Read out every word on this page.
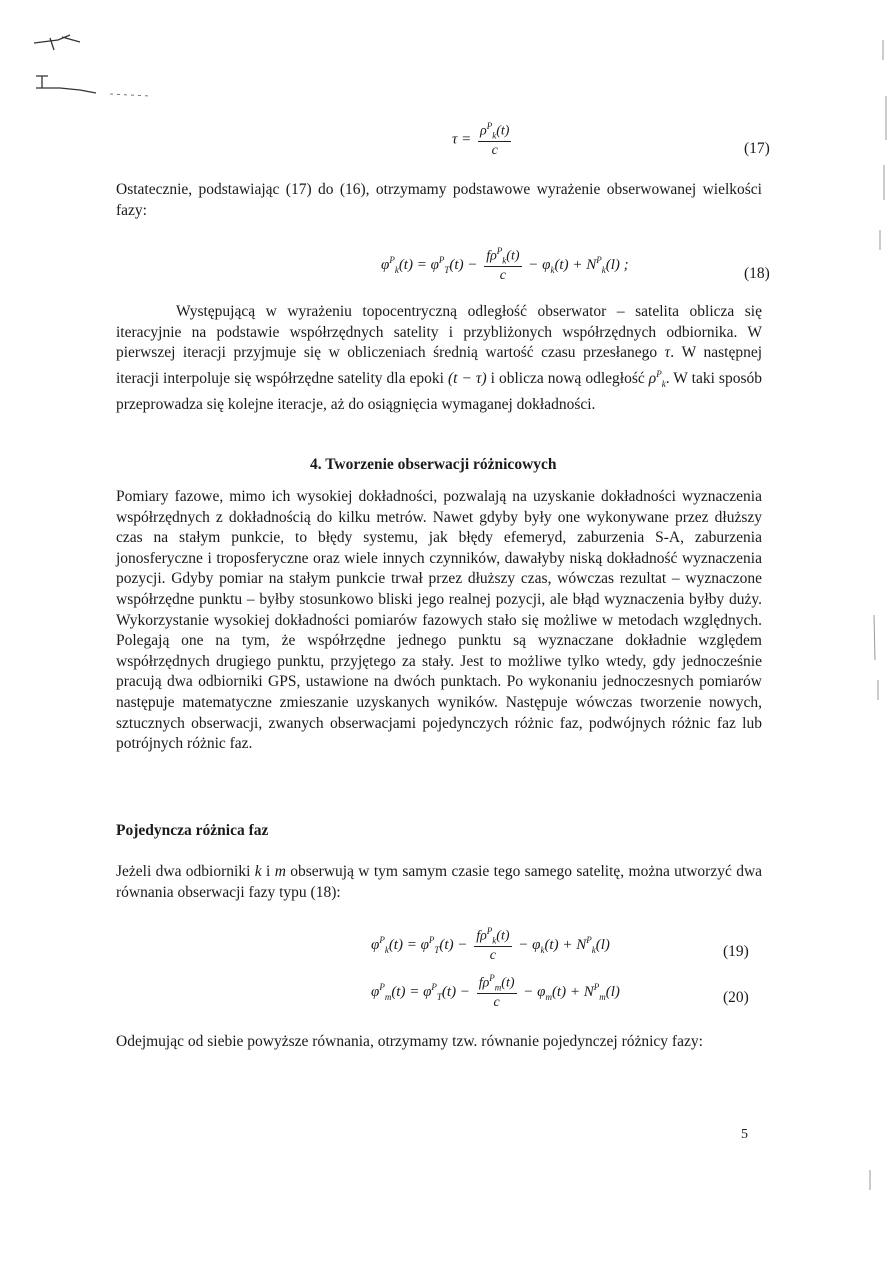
$\tau = \frac{\rho^P_k(t)}{c}$	(17)

Ostatecznie, podstawiając (17) do (16), otrzymamy podstawowe wyrażenie obserwowanej wielkości fazy:

$\varphi^P_k(t) = \varphi^P_T(t) - \frac{f\rho^P_k(t)}{c} - \varphi_k(t) + N^P_k(l)$ ;
(18)

Występującą w wyrażeniu topocentryczną odległość obserwator – satelita oblicza się iteracyjnie na podstawie współrzędnych satelity i przybliżonych współrzędnych odbiornika. W pierwszej iteracji przyjmuje się w obliczeniach średnią wartość czasu przesłanego τ. W następnej iteracji interpoluje się współrzędne satelity dla epoki (t − τ) i oblicza nową odległość $\rho^P_k$. W taki sposób przeprowadza się kolejne iteracje, aż do osiągnięcia wymaganej dokładności.

4. Tworzenie obserwacji różnicowych

Pomiary fazowe, mimo ich wysokiej dokładności, pozwalają na uzyskanie dokładności wyznaczenia współrzędnych z dokładnością do kilku metrów. Nawet gdyby były one wykonywane przez dłuższy czas na stałym punkcie, to błędy systemu, jak błędy efemeryd, zaburzenia S-A, zaburzenia jonosferyczne i troposferyczne oraz wiele innych czynników, dawałyby niską dokładność wyznaczenia pozycji. Gdyby pomiar na stałym punkcie trwał przez dłuższy czas, wówczas rezultat – wyznaczone współrzędne punktu – byłby stosunkowo bliski jego realnej pozycji, ale błąd wyznaczenia byłby duży. Wykorzystanie wysokiej dokładności pomiarów fazowych stało się możliwe w metodach względnych. Polegają one na tym, że współrzędne jednego punktu są wyznaczane dokładnie względem współrzędnych drugiego punktu, przyjętego za stały. Jest to możliwe tylko wtedy, gdy jednocześnie pracują dwa odbiorniki GPS, ustawione na dwóch punktach. Po wykonaniu jednoczesnych pomiarów następuje matematyczne zmieszanie uzyskanych wyników. Następuje wówczas tworzenie nowych, sztucznych obserwacji, zwanych obserwacjami pojedynczych różnic faz, podwójnych różnic faz lub potrójnych różnic faz.

Pojedyncza różnica faz

Jeżeli dwa odbiorniki k i m obserwują w tym samym czasie tego samego satelitę, można utworzyć dwa równania obserwacji fazy typu (18):

$\varphi^P_k(t) = \varphi^P_T(t) - \frac{f\rho^P_k(t)}{c} - \varphi_k(t) + N^P_k(l)$	(19)
$\varphi^P_m(t) = \varphi^P_T(t) - \frac{f\rho^P_m(t)}{c} - \varphi_m(t) + N^P_m(l)$	(20)

Odejmując od siebie powyższe równania, otrzymamy tzw. równanie pojedynczej różnicy fazy:

5
